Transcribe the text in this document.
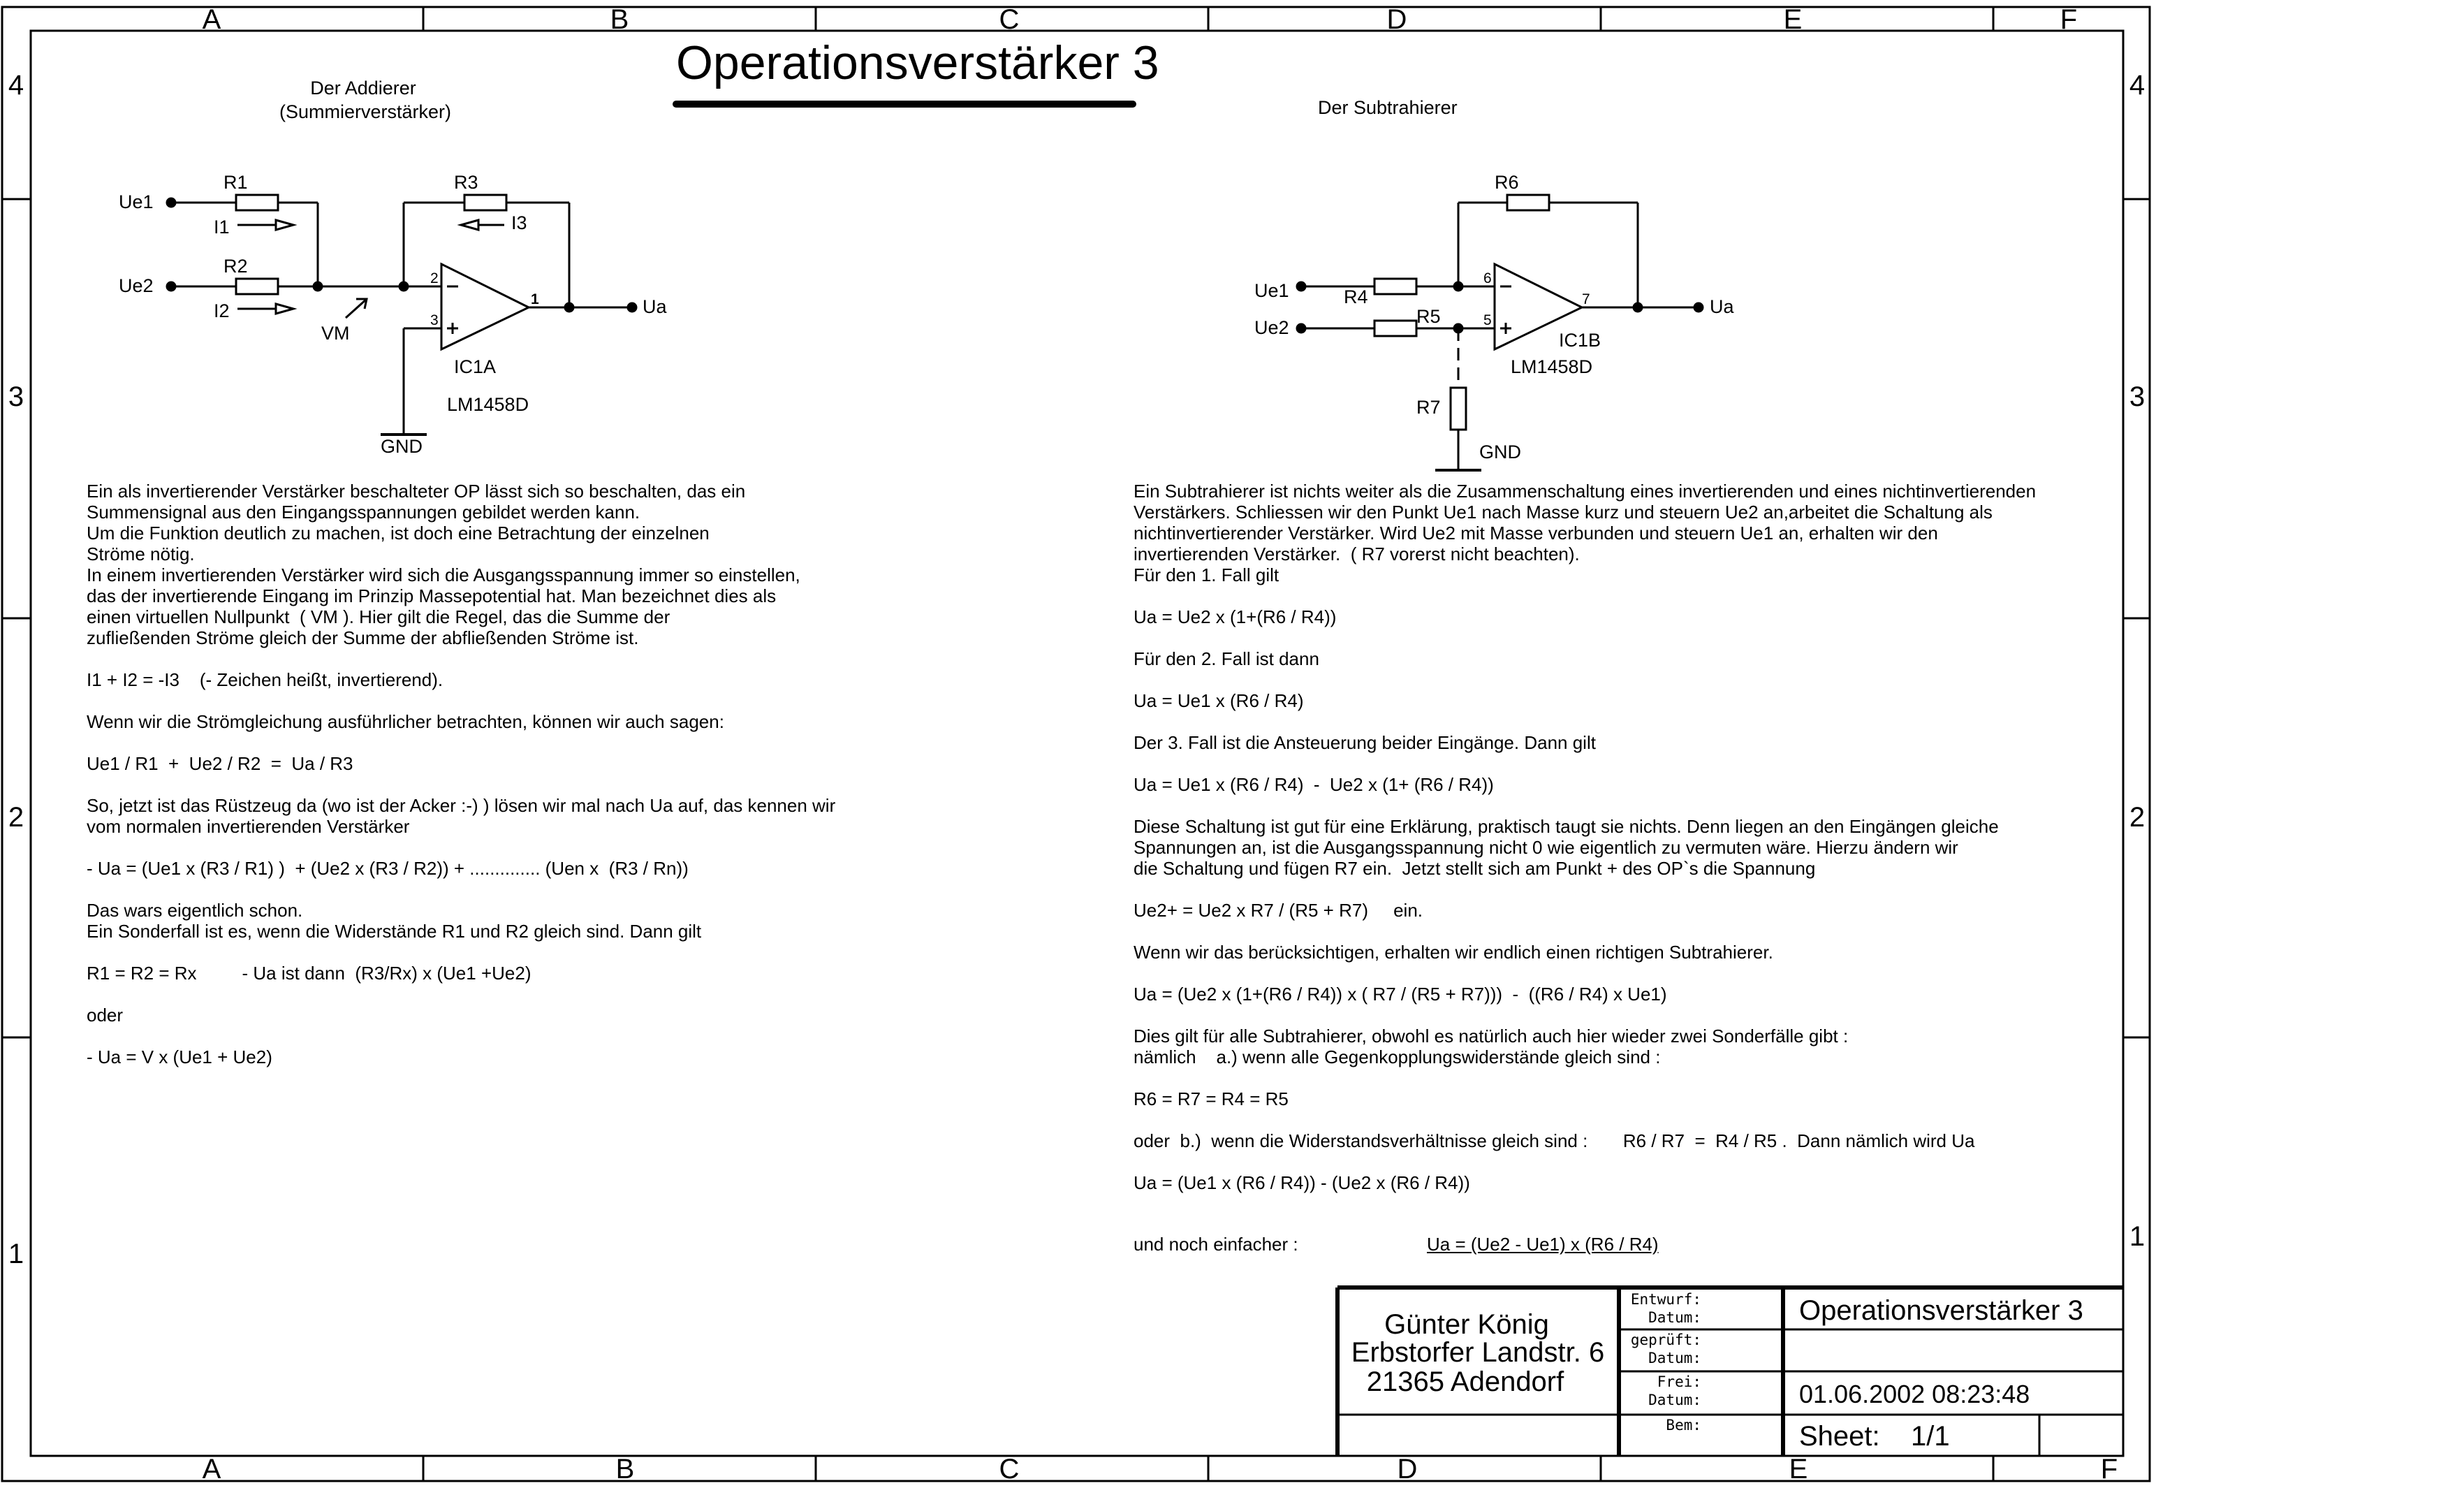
A	B	C	D	E	F
A	B	C	D	E	F
4
3
2
1
4
3
2
1
Operationsverstärker 3
Der Addierer
(Summierverstärker)	Der Subtrahierer
Ue1
Ue2
R1
R2
R3
I1
I2
I3
VM
Ua
2
3
1
IC1A
LM1458D
GND
Ue1
Ue2
R4
R5
R6
R7
Ua
6
5
7
IC1B
LM1458D
GND
Ein als invertierender Verstärker beschalteter OP lässt sich so beschalten, das ein
Summensignal aus den Eingangsspannungen gebildet werden kann.
Um die Funktion deutlich zu machen, ist doch eine Betrachtung der einzelnen
Ströme nötig.
In einem invertierenden Verstärker wird sich die Ausgangsspannung immer so einstellen,
das der invertierende Eingang im Prinzip Massepotential hat. Man bezeichnet dies als
einen virtuellen Nullpunkt  ( VM ). Hier gilt die Regel, das die Summe der
zufließenden Ströme gleich der Summe der abfließenden Ströme ist.
I1 + I2 = -I3    (- Zeichen heißt, invertierend).
Wenn wir die Strömgleichung ausführlicher betrachten, können wir auch sagen:
Ue1 / R1  +  Ue2 / R2  =  Ua / R3
So, jetzt ist das Rüstzeug da (wo ist der Acker :-) ) lösen wir mal nach Ua auf, das kennen wir
vom normalen invertierenden Verstärker
- Ua = (Ue1 x (R3 / R1) )  + (Ue2 x (R3 / R2)) + .............. (Uen x  (R3 / Rn))
Das wars eigentlich schon.
Ein Sonderfall ist es, wenn die Widerstände R1 und R2 gleich sind. Dann gilt
R1 = R2 = Rx         - Ua ist dann  (R3/Rx) x (Ue1 +Ue2)
oder
- Ua = V x (Ue1 + Ue2)
Ein Subtrahierer ist nichts weiter als die Zusammenschaltung eines invertierenden und eines nichtinvertierenden
Verstärkers. Schliessen wir den Punkt Ue1 nach Masse kurz und steuern Ue2 an,arbeitet die Schaltung als
nichtinvertierender Verstärker. Wird Ue2 mit Masse verbunden und steuern Ue1 an, erhalten wir den
invertierenden Verstärker.  ( R7 vorerst nicht beachten).
Für den 1. Fall gilt
Ua = Ue2 x (1+(R6 / R4))
Für den 2. Fall ist dann
Ua = Ue1 x (R6 / R4)
Der 3. Fall ist die Ansteuerung beider Eingänge. Dann gilt
Ua = Ue1 x (R6 / R4)  -  Ue2 x (1+ (R6 / R4))
Diese Schaltung ist gut für eine Erklärung, praktisch taugt sie nichts. Denn liegen an den Eingängen gleiche
Spannungen an, ist die Ausgangsspannung nicht 0 wie eigentlich zu vermuten wäre. Hierzu ändern wir
die Schaltung und fügen R7 ein.  Jetzt stellt sich am Punkt + des OP`s die Spannung
Ue2+ = Ue2 x R7 / (R5 + R7)     ein.
Wenn wir das berücksichtigen, erhalten wir endlich einen richtigen Subtrahierer.
Ua = (Ue2 x (1+(R6 / R4)) x ( R7 / (R5 + R7)))  -  ((R6 / R4) x Ue1)
Dies gilt für alle Subtrahierer, obwohl es natürlich auch hier wieder zwei Sonderfälle gibt :
nämlich    a.) wenn alle Gegenkopplungswiderstände gleich sind :
R6 = R7 = R4 = R5
oder  b.)  wenn die Widerstandsverhältnisse gleich sind :       R6 / R7  =  R4 / R5 .  Dann nämlich wird Ua
Ua = (Ue1 x (R6 / R4)) - (Ue2 x (R6 / R4))
und noch einfacher :	Ua = (Ue2 - Ue1) x (R6 / R4)
Günter König
Erbstorfer Landstr. 6
21365 Adendorf
Entwurf:
Datum:
geprüft:
Datum:
Frei:
Datum:
Bem:
Operationsverstärker 3
01.06.2002 08:23:48
Sheet: 1/1
